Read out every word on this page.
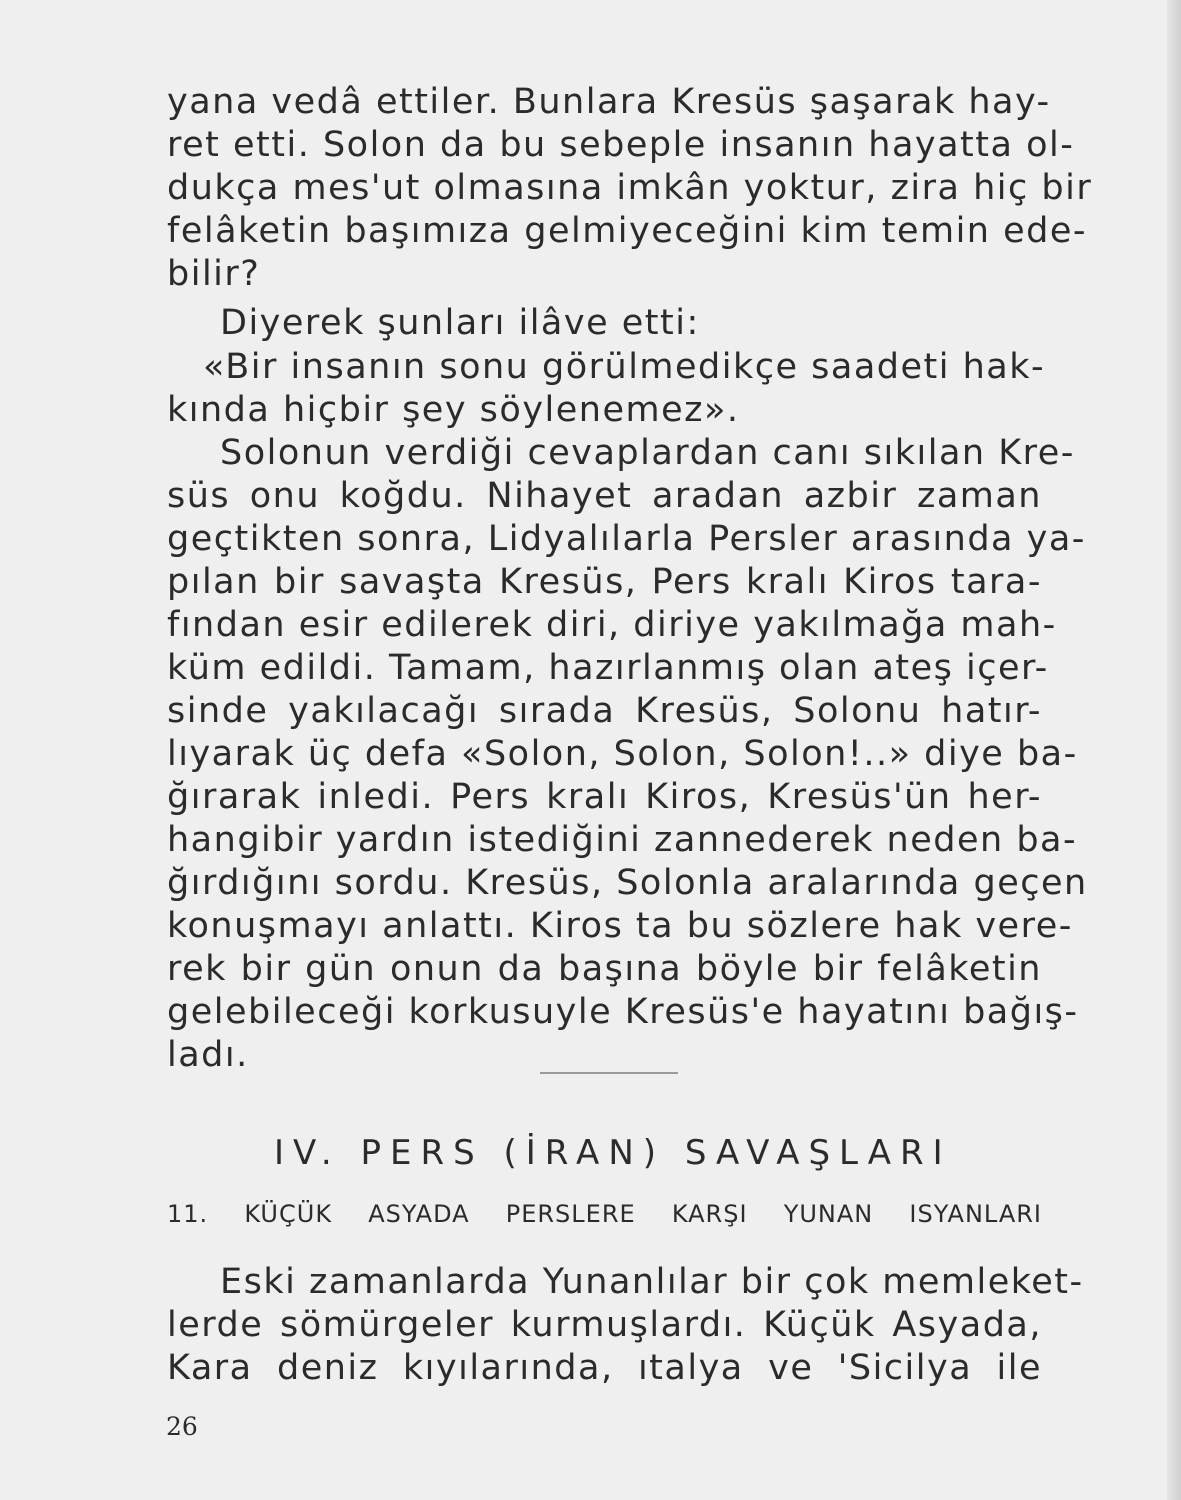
yana vedâ ettiler. Bunlara Kresüs şaşarak hay-
ret etti. Solon da bu sebeple insanın hayatta ol-
dukça mes'ut olmasına imkân yoktur, zira hiç bir
felâketin başımıza gelmiyeceğini kim temin ede-
bilir?
Diyerek şunları ilâve etti:
«Bir insanın sonu görülmedikçe saadeti hak-
kında hiçbir şey söylenemez».
Solonun verdiği cevaplardan canı sıkılan Kre-
süs onu koğdu. Nihayet aradan azbir zaman
geçtikten sonra, Lidyalılarla Persler arasında ya-
pılan bir savaşta Kresüs, Pers kralı Kiros tara-
fından esir edilerek diri, diriye yakılmağa mah-
küm edildi. Tamam, hazırlanmış olan ateş içer-
sinde yakılacağı sırada Kresüs, Solonu hatır-
lıyarak üç defa «Solon, Solon, Solon!..» diye ba-
ğırarak inledi. Pers kralı Kiros, Kresüs'ün her-
hangibir yardın istediğini zannederek neden ba-
ğırdığını sordu. Kresüs, Solonla aralarında geçen
konuşmayı anlattı. Kiros ta bu sözlere hak vere-
rek bir gün onun da başına böyle bir felâketin
gelebileceği korkusuyle Kresüs'e hayatını bağış-
ladı.
IV. PERS (İRAN) SAVAŞLARI
11. KÜÇÜK ASYADA PERSLERE KARŞI YUNAN ISYANLARI
Eski zamanlarda Yunanlılar bir çok memleket-
lerde sömürgeler kurmuşlardı. Küçük Asyada,
Kara deniz kıyılarında, ıtalya ve 'Sicilya ile
26
